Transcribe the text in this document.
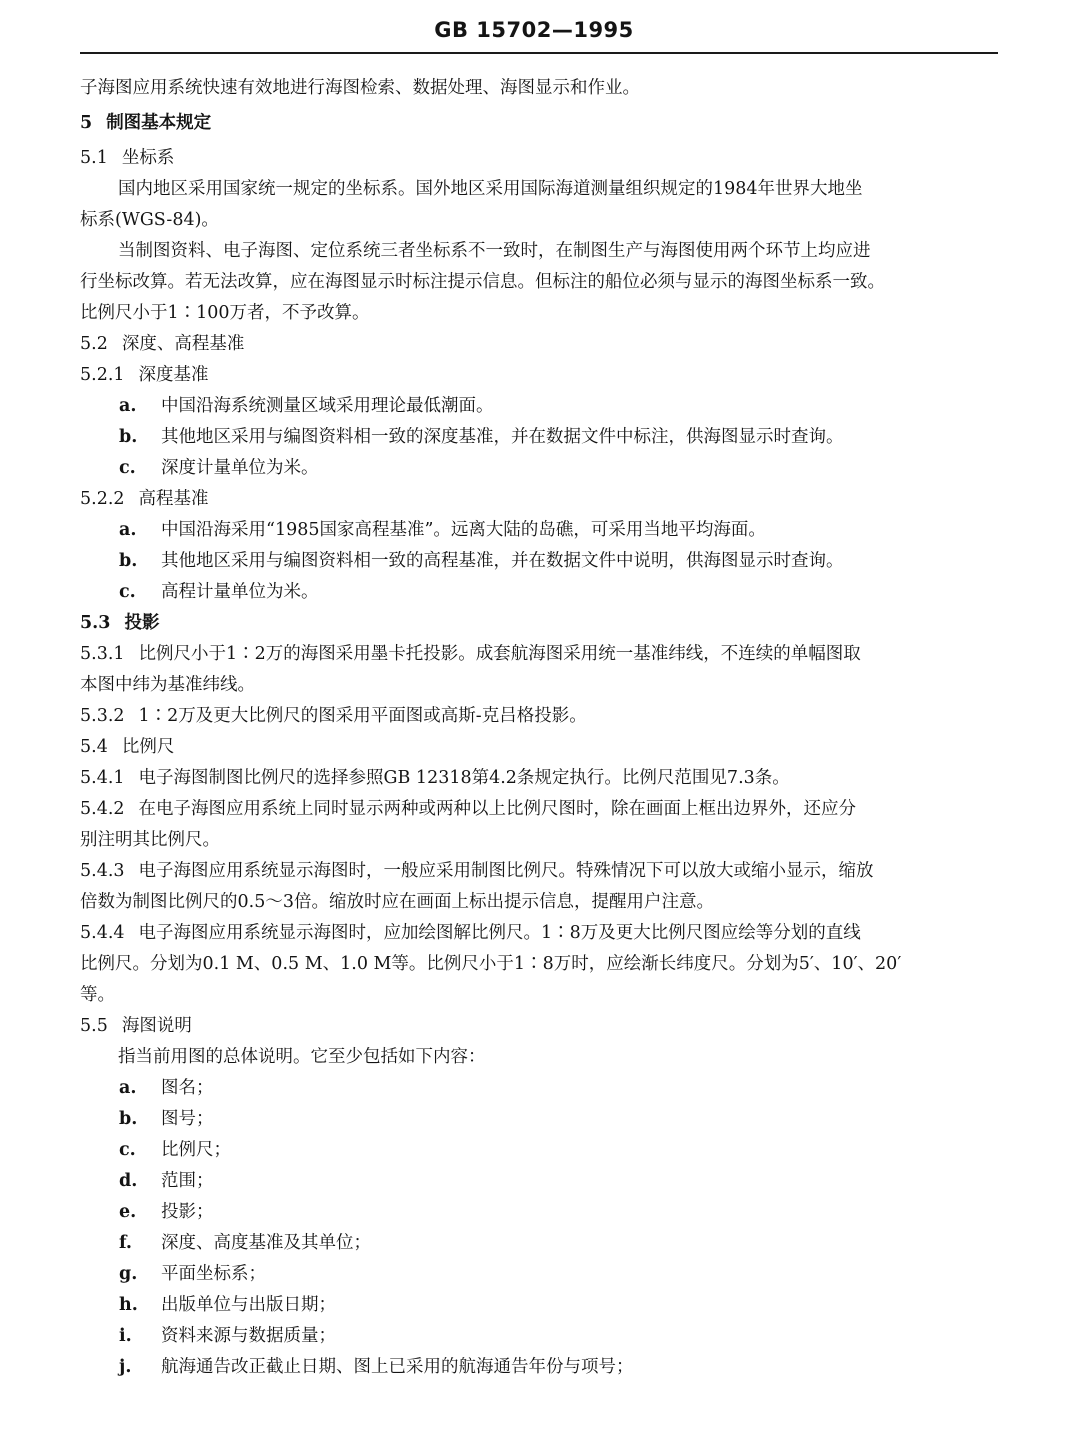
GB 15702—1995
子海图应用系统快速有效地进行海图检索、数据处理、海图显示和作业。
5 制图基本规定
5.1 坐标系
国内地区采用国家统一规定的坐标系。国外地区采用国际海道测量组织规定的1984年世界大地坐
标系(WGS-84)。
当制图资料、电子海图、定位系统三者坐标系不一致时，在制图生产与海图使用两个环节上均应进
行坐标改算。若无法改算，应在海图显示时标注提示信息。但标注的船位必须与显示的海图坐标系一致。
比例尺小于1∶100万者，不予改算。
5.2 深度、高程基准
5.2.1 深度基准
a. 中国沿海系统测量区域采用理论最低潮面。
b. 其他地区采用与编图资料相一致的深度基准，并在数据文件中标注，供海图显示时查询。
c. 深度计量单位为米。
5.2.2 高程基准
a. 中国沿海采用“1985国家高程基准”。远离大陆的岛礁，可采用当地平均海面。
b. 其他地区采用与编图资料相一致的高程基准，并在数据文件中说明，供海图显示时查询。
c. 高程计量单位为米。
5.3 投影
5.3.1 比例尺小于1∶2万的海图采用墨卡托投影。成套航海图采用统一基准纬线，不连续的单幅图取
本图中纬为基准纬线。
5.3.2 1∶2万及更大比例尺的图采用平面图或高斯-克吕格投影。
5.4 比例尺
5.4.1 电子海图制图比例尺的选择参照GB 12318第4.2条规定执行。比例尺范围见7.3条。
5.4.2 在电子海图应用系统上同时显示两种或两种以上比例尺图时，除在画面上框出边界外，还应分
别注明其比例尺。
5.4.3 电子海图应用系统显示海图时，一般应采用制图比例尺。特殊情况下可以放大或缩小显示，缩放
倍数为制图比例尺的0.5～3倍。缩放时应在画面上标出提示信息，提醒用户注意。
5.4.4 电子海图应用系统显示海图时，应加绘图解比例尺。1∶8万及更大比例尺图应绘等分划的直线
比例尺。分划为0.1 M、0.5 M、1.0 M等。比例尺小于1∶8万时，应绘渐长纬度尺。分划为5′、10′、20′
等。
5.5 海图说明
指当前用图的总体说明。它至少包括如下内容：
a. 图名；
b. 图号；
c. 比例尺；
d. 范围；
e. 投影；
f. 深度、高度基准及其单位；
g. 平面坐标系；
h. 出版单位与出版日期；
i. 资料来源与数据质量；
j. 航海通告改正截止日期、图上已采用的航海通告年份与项号；
